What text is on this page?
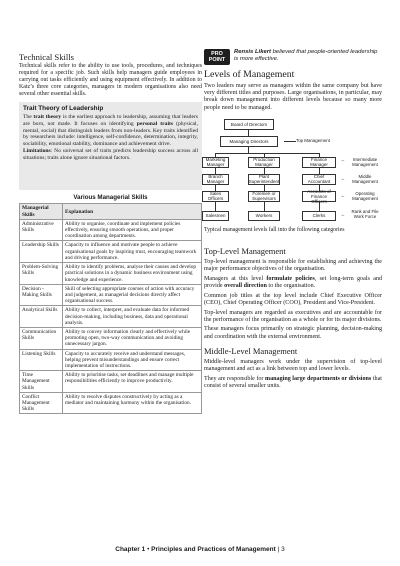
Technical Skills

Technical skills refer to the ability to use tools, procedures, and techniques required for a specific job. Such skills help managers guide employees in carrying out tasks efficiently and using equipment effectively. In addition to Katz’s three core categories, managers in modern organisations also need several other essential skills.

Trait Theory of Leadership

The trait theory is the earliest approach to leadership, assuming that leaders are born, not made. It focuses on identifying personal traits (physical, mental, social) that distinguish leaders from non-leaders. Key traits identified by researchers include: intelligence, self-confidence, determination, integrity, sociability, emotional stability, dominance and achievement drive.

Limitations: No universal set of traits predicts leadership success across all situations; traits alone ignore situational factors.

Various Managerial Skills
Managerial Skills	Explanation
Administrative Skills	Ability to organise, coordinate and implement policies effectively, ensuring smooth operations, and proper coordination among departments.
Leadership Skills	Capacity to influence and motivate people to achieve organisational goals by inspiring trust, encouraging teamwork and driving performance.
Problem-Solving Skills	Ability to identify problems, analyse their causes and develop practical solutions in a dynamic business environment using knowledge and experience.
Decision -Making Skills	Skill of selecting appropriate courses of action with accuracy and judgement, as managerial decisions directly affect organisational success.
Analytical Skills	Ability to collect, interpret, and evaluate data for informed decision-making, including business, data and operational analysis.
Communication Skills	Ability to convey information clearly and effectively while promoting open, two-way communication and avoiding unnecessary jargon.
Listening Skills	Capacity to accurately receive and understand messages, helping prevent misunderstandings and ensure correct implementation of instructions.
Time Management Skills	Ability to prioritise tasks, set deadlines and manage multiple responsibilities efficiently to improve productivity.
Conflict Management Skills	Ability to resolve disputes constructively by acting as a mediator and maintaining harmony within the organisation.
PRO
POINT
Rensis Likert believed that people-oriented leadership is more effective.
Levels of Management

Two leaders may serve as managers within the same company but have very different titles and purposes. Large organisations, in particular, may break down management into different levels because so many more people need to be managed.

Board of Directors
Managing Directors	Top Management
Marketing Manager
Production Manager
Finance Manager
Branch Manager
Plant Superintendent
Chief Accountant
Sales Officers
Foremen or Supervisors
Accounts of Finance Officers
Salesmen	Workers	Clerks
←	Intermediate Management
←	Middle Management
←	Operating Management
←
Rank and File Work Force
Typical management levels fall into the following categories
Top-Level Management

Top-level management is responsible for establishing and achieving the major performance objectives of the organisation.

Managers at this level formulate policies, set long-term goals and provide overall direction to the organisation.

Common job titles at the top level include Chief Executive Officer (CEO), Chief Operating Officer (COO), President and Vice-President.

Top-level managers are regarded as executives and are accountable for the performance of the organisation as a whole or for its major divisions.

These managers focus primarily on strategic planning, decision-making and coordination with the external environment.

Middle-Level Management

Middle-level managers work under the supervision of top-level management and act as a link between top and lower levels.

They are responsible for managing large departments or divisions that consist of several smaller units.

Chapter 1 • Principles and Practices of Management | 3
